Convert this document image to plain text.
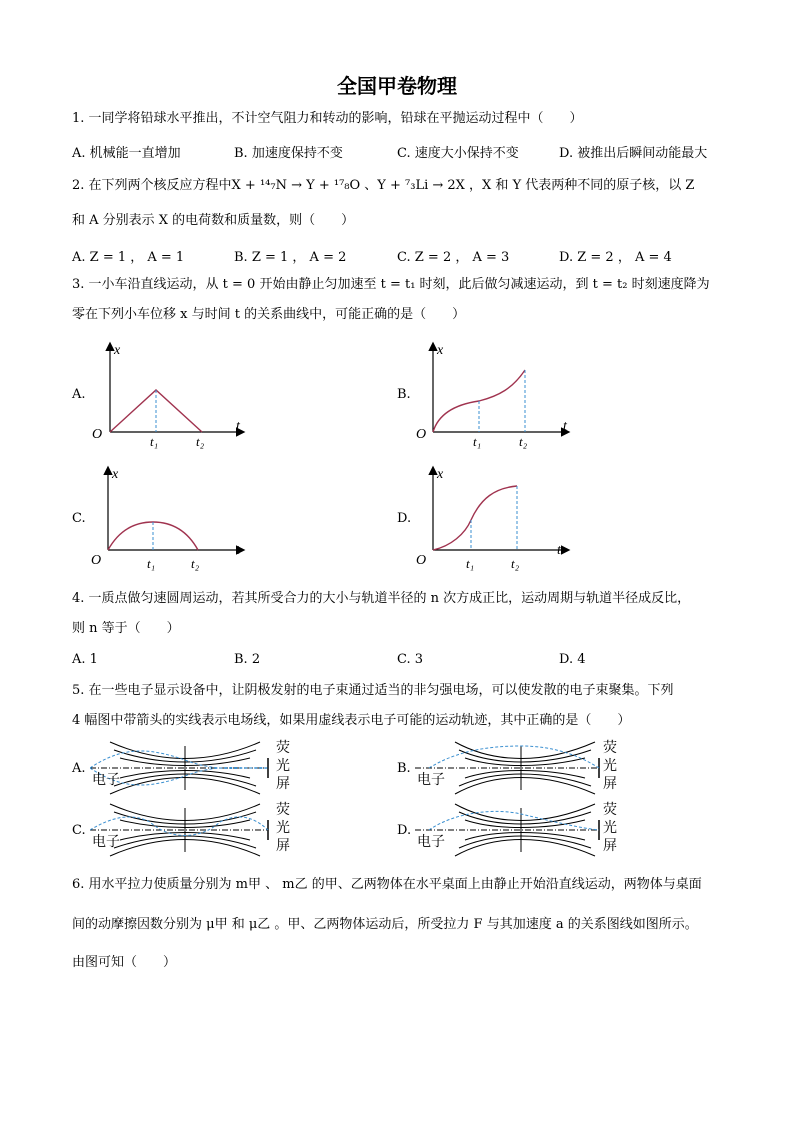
全国甲卷物理
1. 一同学将铅球水平推出，不计空气阻力和转动的影响，铅球在平抛运动过程中（　　）
A. 机械能一直增加	B. 加速度保持不变	C. 速度大小保持不变	D. 被推出后瞬间动能最大
2. 在下列两个核反应方程中X + ¹⁴₇N → Y + ¹⁷₈O 、Y + ⁷₃Li → 2X ，X 和 Y 代表两种不同的原子核，以 Z
和 A 分别表示 X 的电荷数和质量数，则（　　）
A. Z = 1 ， A = 1	B. Z = 1 ， A = 2	C. Z = 2 ， A = 3	D. Z = 2 ， A = 4
3. 一小车沿直线运动，从 t = 0 开始由静止匀加速至 t = t₁ 时刻，此后做匀减速运动，到 t = t₂ 时刻速度降为
零在下列小车位移 x 与时间 t 的关系曲线中，可能正确的是（　　）
A.	B.
C.	D.
x
t
O	t₁	t₂
x
t
O	t₁	t₂
x
t
O	t₁	t₂
x
t
O	t₁	t₂
4. 一质点做匀速圆周运动，若其所受合力的大小与轨道半径的 n 次方成正比，运动周期与轨道半径成反比，
则 n 等于（　　）
A. 1	B. 2	C. 3	D. 4
5. 在一些电子显示设备中，让阴极发射的电子束通过适当的非匀强电场，可以使发散的电子束聚集。下列
4 幅图中带箭头的实线表示电场线，如果用虚线表示电子可能的运动轨迹，其中正确的是（　　）
A.	B.
C.	D.
电子
荧
光
屏	电子
荧
光
屏
电子
荧
光
屏	电子
荧
光
屏
6. 用水平拉力使质量分别为 m甲 、 m乙 的甲、乙两物体在水平桌面上由静止开始沿直线运动，两物体与桌面
间的动摩擦因数分别为 μ甲 和 μ乙 。甲、乙两物体运动后，所受拉力 F 与其加速度 a 的关系图线如图所示。
由图可知（　　）
